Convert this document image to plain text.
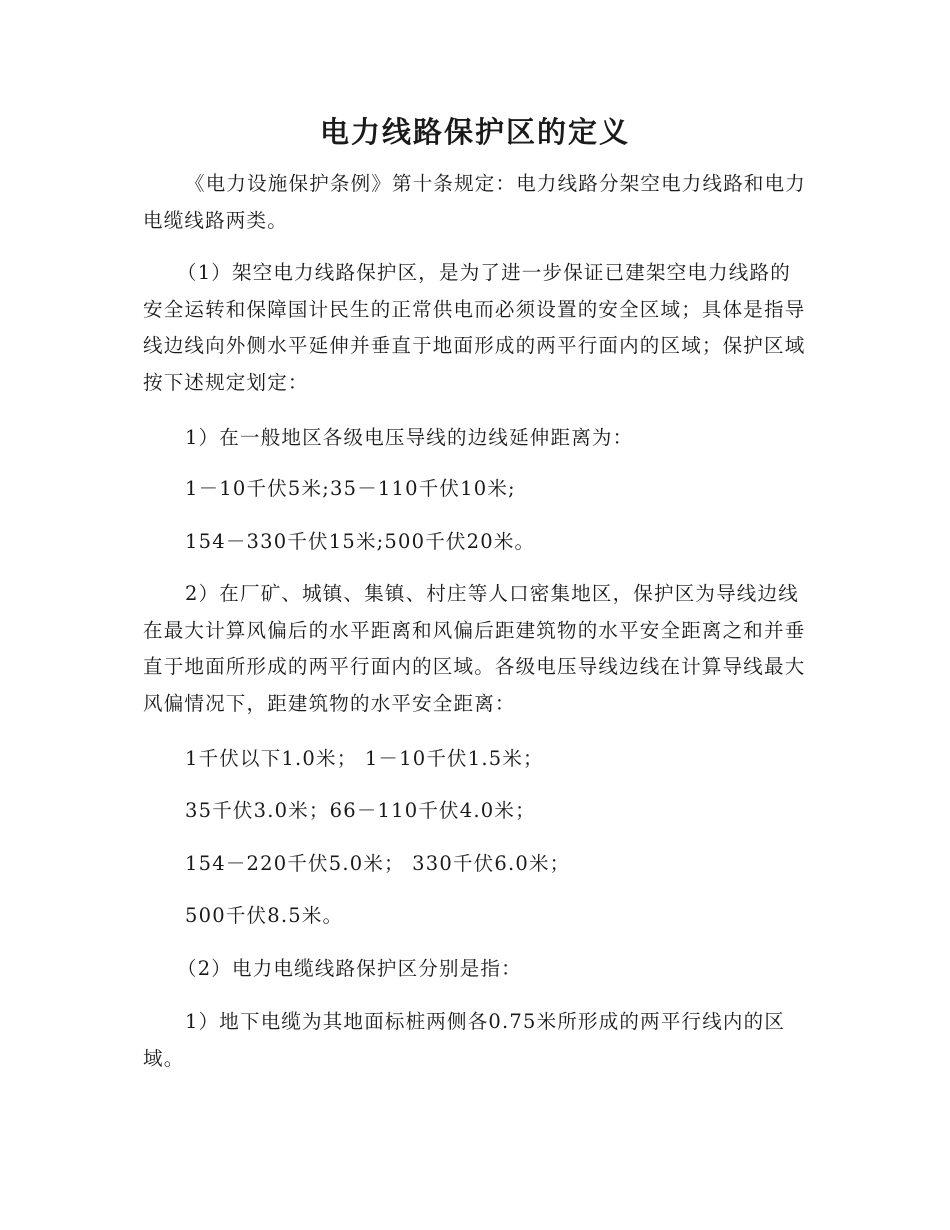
电力线路保护区的定义

《电力设施保护条例》第十条规定：电力线路分架空电力线路和电力电缆线路两类。

（1）架空电力线路保护区，是为了进一步保证已建架空电力线路的安全运转和保障国计民生的正常供电而必须设置的安全区域；具体是指导线边线向外侧水平延伸并垂直于地面形成的两平行面内的区域；保护区域按下述规定划定：

1）在一般地区各级电压导线的边线延伸距离为：

1－10千伏5米;35－110千伏10米;

154－330千伏15米;500千伏20米。

2）在厂矿、城镇、集镇、村庄等人口密集地区，保护区为导线边线在最大计算风偏后的水平距离和风偏后距建筑物的水平安全距离之和并垂直于地面所形成的两平行面内的区域。各级电压导线边线在计算导线最大风偏情况下，距建筑物的水平安全距离：

1千伏以下1.0米； 1－10千伏1.5米；

35千伏3.0米；66－110千伏4.0米；

154－220千伏5.0米； 330千伏6.0米；

500千伏8.5米。

（2）电力电缆线路保护区分别是指：

1）地下电缆为其地面标桩两侧各0.75米所形成的两平行线内的区域。
